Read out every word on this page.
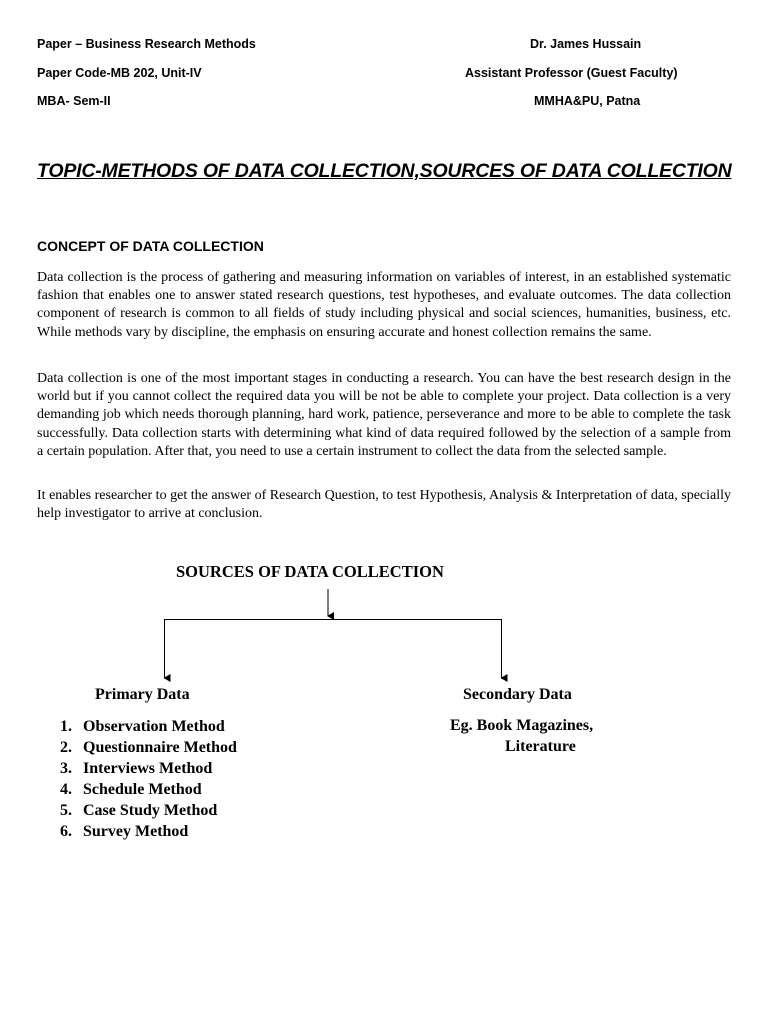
Paper – Business Research Methods
Paper Code-MB 202, Unit-IV
MBA- Sem-II
Dr. James Hussain
Assistant Professor (Guest Faculty)
MMHA&PU, Patna
TOPIC-METHODS OF DATA COLLECTION,SOURCES OF DATA COLLECTION
CONCEPT OF DATA COLLECTION

Data collection is the process of gathering and measuring information on variables of interest, in an established systematic fashion that enables one to answer stated research questions, test hypotheses, and evaluate outcomes. The data collection component of research is common to all fields of study including physical and social sciences, humanities, business, etc. While methods vary by discipline, the emphasis on ensuring accurate and honest collection remains the same.

Data collection is one of the most important stages in conducting a research. You can have the best research design in the world but if you cannot collect the required data you will be not be able to complete your project. Data collection is a very demanding job which needs thorough planning, hard work, patience, perseverance and more to be able to complete the task successfully. Data collection starts with determining what kind of data required followed by the selection of a sample from a certain population. After that, you need to use a certain instrument to collect the data from the selected sample.

It enables researcher to get the answer of Research Question, to test Hypothesis, Analysis & Interpretation of data, specially help investigator to arrive at conclusion.

SOURCES OF DATA COLLECTION
Primary Data	Secondary Data
1. Observation Method
2. Questionnaire Method
3. Interviews Method
4. Schedule Method
5. Case Study Method
6. Survey Method
Eg. Book Magazines,
Literature
